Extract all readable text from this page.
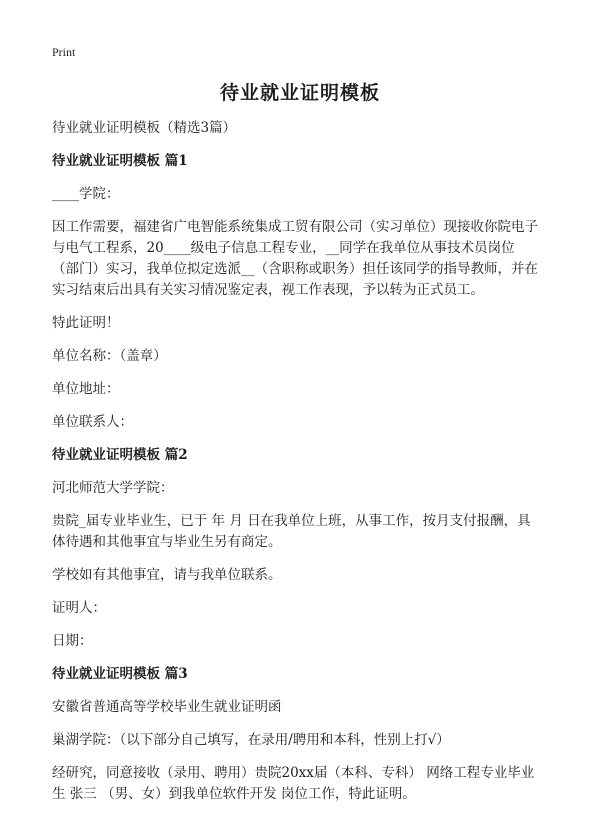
Print
待业就业证明模板
待业就业证明模板（精选3篇）
待业就业证明模板 篇1
____学院：
因工作需要，福建省广电智能系统集成工贸有限公司（实习单位）现接收你院电子与电气工程系，20____级电子信息工程专业，__同学在我单位从事技术员岗位（部门）实习，我单位拟定选派__（含职称或职务）担任该同学的指导教师，并在实习结束后出具有关实习情况鉴定表，视工作表现，予以转为正式员工。
特此证明！
单位名称：（盖章）
单位地址：
单位联系人：
待业就业证明模板 篇2
河北师范大学学院：
贵院_届专业毕业生，已于 年 月 日在我单位上班，从事工作，按月支付报酬，具体待遇和其他事宜与毕业生另有商定。
学校如有其他事宜，请与我单位联系。
证明人：
日期：
待业就业证明模板 篇3
安徽省普通高等学校毕业生就业证明函
巢湖学院：（以下部分自己填写，在录用/聘用和本科，性别上打√）
经研究，同意接收（录用、聘用）贵院20xx届（本科、专科） 网络工程专业毕业生 张三 （男、女）到我单位软件开发 岗位工作，特此证明。
